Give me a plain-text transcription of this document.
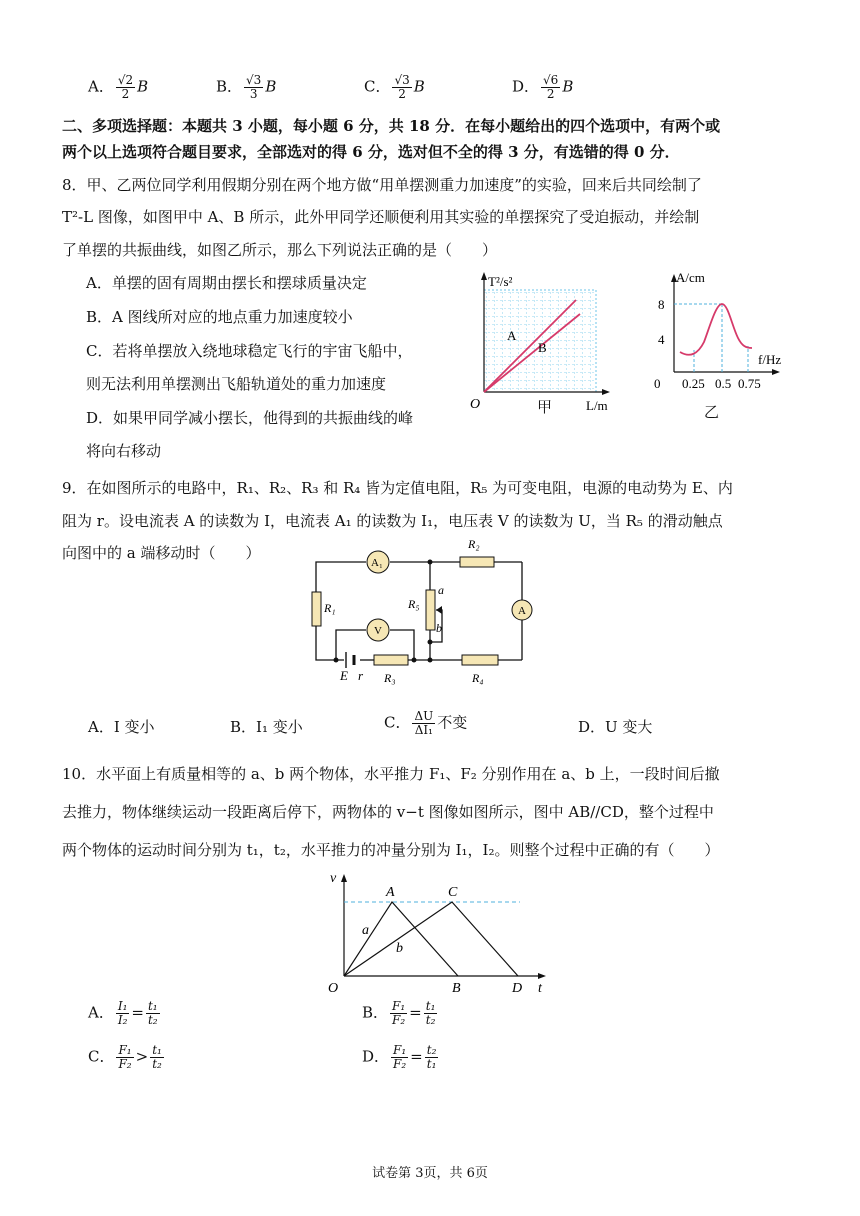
A． $\frac{√2}{2}$ B	B． $\frac{√3}{3}$ B	C． $\frac{√3}{2}$ B	D． $\frac{√6}{2}$ B
二、多项选择题：本题共 3 小题，每小题 6 分，共 18 分．在每小题给出的四个选项中，有两个或
两个以上选项符合题目要求，全部选对的得 6 分，选对但不全的得 3 分，有选错的得 0 分．
8．甲、乙两位同学利用假期分别在两个地方做“用单摆测重力加速度”的实验，回来后共同绘制了
T²-L 图像，如图甲中 A、B 所示，此外甲同学还顺便利用其实验的单摆探究了受迫振动，并绘制
了单摆的共振曲线，如图乙所示，那么下列说法正确的是（　　）
A．单摆的固有周期由摆长和摆球质量决定
B．A 图线所对应的地点重力加速度较小
C．若将单摆放入绕地球稳定飞行的宇宙飞船中，
则无法利用单摆测出飞船轨道处的重力加速度
D．如果甲同学减小摆长，他得到的共振曲线的峰
将向右移动
T²/s²
A
B
O	L/m
甲
A/cm
8
4
f/Hz
0 0.25 0.5 0.75
乙
9．在如图所示的电路中，R₁、R₂、R₃ 和 R₄ 皆为定值电阻，R₅ 为可变电阻，电源的电动势为 E、内
阻为 r。设电流表 A 的读数为 I，电流表 A₁ 的读数为 I₁，电压表 V 的读数为 U，当 R₅ 的滑动触点
向图中的 a 端移动时（　　）
A₁
A
V
R₁
R₂
R₃	R₄
R₅
a
b
E r
A．I 变小	B．I₁ 变小	C． $\frac{\Delta U}{\text{ΔI₁}}$ 不变	D．U 变大
10．水平面上有质量相等的 a、b 两个物体，水平推力 F₁、F₂ 分别作用在 a、b 上，一段时间后撤
去推力，物体继续运动一段距离后停下，两物体的 v−t 图像如图所示，图中 AB//CD，整个过程中
两个物体的运动时间分别为 t₁，t₂，水平推力的冲量分别为 I₁，I₂。则整个过程中正确的有（　　）
v
t
O
A	C
B	D
a
b
A． $\frac{\text{I₁}}{\text{I₂}} = \frac{\text{t₁}}{\text{t₂}}$	B． $\frac{\text{F₁}}{\text{F₂}} = \frac{\text{t₁}}{\text{t₂}}$
C． $\frac{\text{F₁}}{\text{F₂}} > \frac{\text{t₁}}{\text{t₂}}$	D． $\frac{\text{F₁}}{\text{F₂}} = \frac{\text{t₂}}{\text{t₁}}$
试卷第 3页，共 6页
